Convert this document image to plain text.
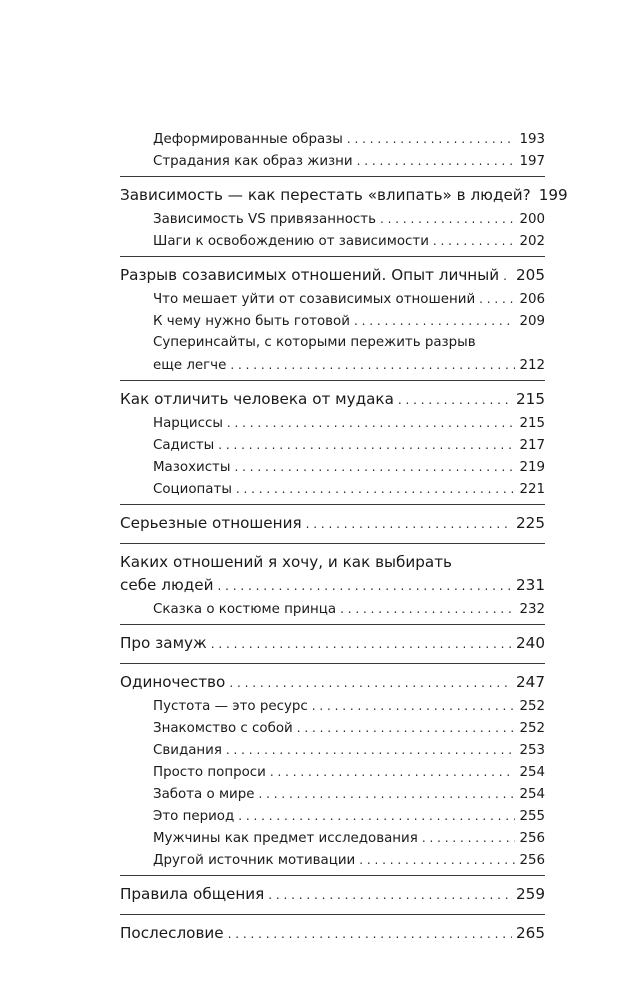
Деформированные образы . . .	193
Страдания как образ жизни . . .	197
Зависимость — как перестать «влипать» в людей? 199
Зависимость VS привязанность . . .	200
Шаги к освобождению от зависимости . . .	202
Разрыв созависимых отношений. Опыт личный . . . 205
Что мешает уйти от созависимых отношений . . .	206
К чему нужно быть готовой . . .	209
Суперинсайты, с которыми пережить разрыв
еще легче . . .	212
Как отличить человека от мудака . . .	215
Нарциссы . . .	215
Садисты . . .	217
Мазохисты . . .	219
Социопаты . . .	221
Серьезные отношения . . .	225
Каких отношений я хочу, и как выбирать
себе людей . . .	231
Сказка о костюме принца . . .	232
Про замуж . . .	240
Одиночество . . .	247
Пустота — это ресурс . . .	252
Знакомство с собой . . .	252
Свидания . . .	253
Просто попроси . . .	254
Забота о мире . . .	254
Это период . . .	255
Мужчины как предмет исследования . . .	256
Другой источник мотивации . . .	256
Правила общения . . .	259
Послесловие . . .	265
